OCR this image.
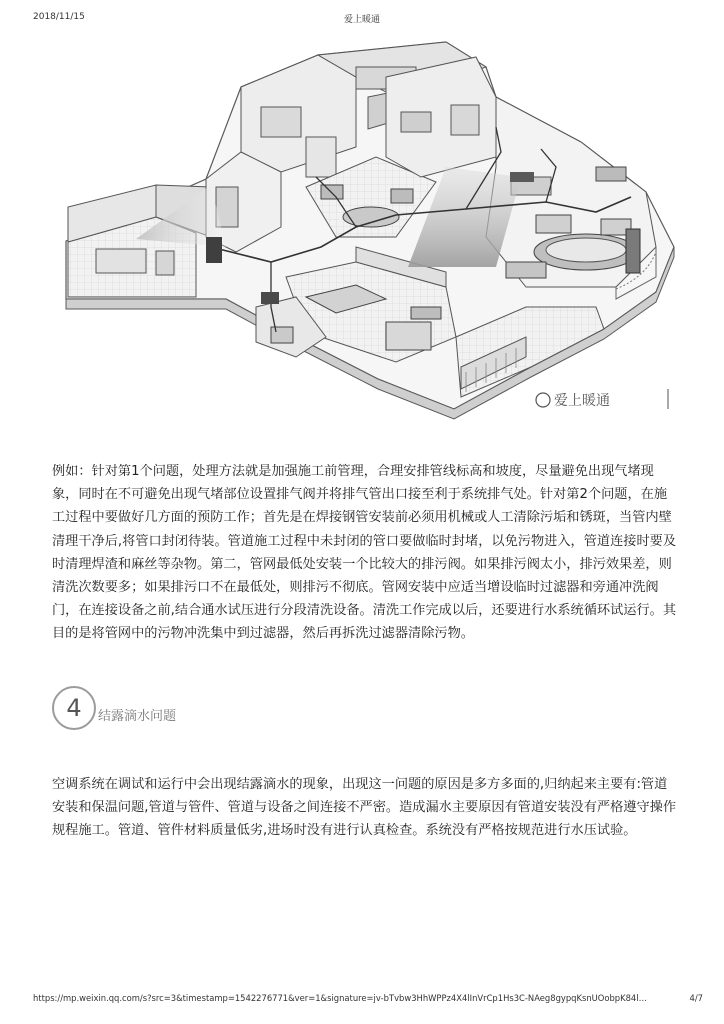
2018/11/15	爱上暖通
爱上暖通

例如：针对第1个问题，处理方法就是加强施工前管理，合理安排管线标高和坡度，尽量避免出现气堵现象，同时在不可避免出现气堵部位设置排气阀并将排气管出口接至利于系统排气处。针对第2个问题，在施工过程中要做好几方面的预防工作；首先是在焊接钢管安装前必须用机械或人工清除污垢和锈斑，当管内壁清理干净后,将管口封闭待装。管道施工过程中未封闭的管口要做临时封堵，以免污物进入，管道连接时要及时清理焊渣和麻丝等杂物。第二，管网最低处安装一个比较大的排污阀。如果排污阀太小，排污效果差，则清洗次数要多；如果排污口不在最低处，则排污不彻底。管网安装中应适当增设临时过滤器和旁通冲洗阀门，在连接设备之前,结合通水试压进行分段清洗设备。清洗工作完成以后，还要进行水系统循环试运行。其目的是将管网中的污物冲洗集中到过滤器，然后再拆洗过滤器清除污物。

4	结露滴水问题

空调系统在调试和运行中会出现结露滴水的现象，出现这一问题的原因是多方多面的,归纳起来主要有:管道安装和保温问题,管道与管件、管道与设备之间连接不严密。造成漏水主要原因有管道安装没有严格遵守操作规程施工。管道、管件材料质量低劣,进场时没有进行认真检查。系统没有严格按规范进行水压试验。

https://mp.weixin.qq.com/s?src=3&timestamp=1542276771&ver=1&signature=jv-bTvbw3HhWPPz4X4lInVrCp1Hs3C-NAeg8gypqKsnUOobpK84l…	4/7
